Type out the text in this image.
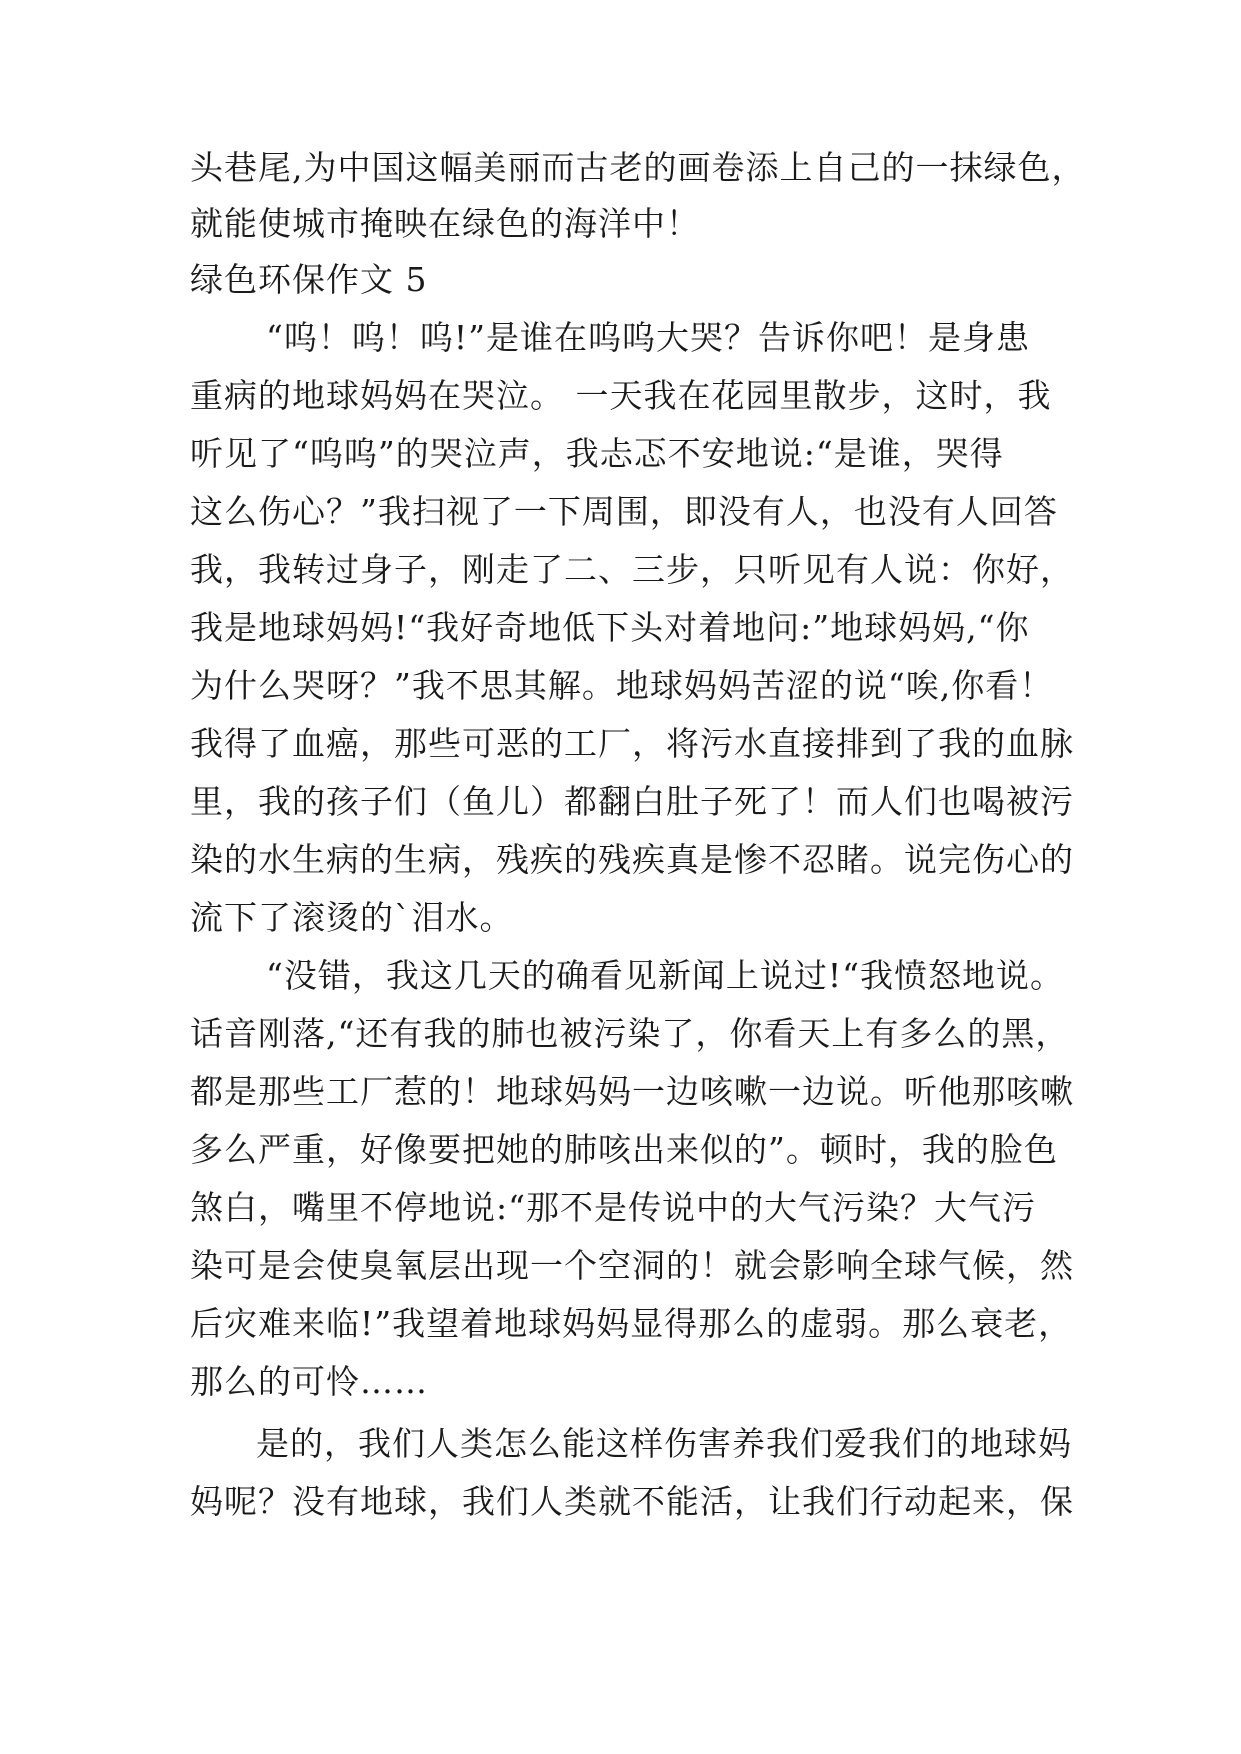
头巷尾,为中国这幅美丽而古老的画卷添上自己的一抹绿色，
就能使城市掩映在绿色的海洋中！
绿色环保作文 5
“呜！呜！呜!”是谁在呜呜大哭？告诉你吧！是身患
重病的地球妈妈在哭泣。 一天我在花园里散步，这时，我
听见了“呜呜”的哭泣声，我忐忑不安地说:“是谁，哭得
这么伤心？”我扫视了一下周围，即没有人，也没有人回答
我，我转过身子，刚走了二、三步，只听见有人说：你好，
我是地球妈妈!“我好奇地低下头对着地问:”地球妈妈,“你
为什么哭呀？”我不思其解。地球妈妈苦涩的说“唉,你看！
我得了血癌，那些可恶的工厂，将污水直接排到了我的血脉
里，我的孩子们（鱼儿）都翻白肚子死了！而人们也喝被污
染的水生病的生病，残疾的残疾真是惨不忍睹。说完伤心的
流下了滚烫的`泪水。
“没错，我这几天的确看见新闻上说过!“我愤怒地说。
话音刚落,“还有我的肺也被污染了，你看天上有多么的黑，
都是那些工厂惹的！地球妈妈一边咳嗽一边说。听他那咳嗽
多么严重，好像要把她的肺咳出来似的”。顿时，我的脸色
煞白，嘴里不停地说:“那不是传说中的大气污染？大气污
染可是会使臭氧层出现一个空洞的！就会影响全球气候，然
后灾难来临!”我望着地球妈妈显得那么的虚弱。那么衰老，
那么的可怜……
是的，我们人类怎么能这样伤害养我们爱我们的地球妈
妈呢？没有地球，我们人类就不能活，让我们行动起来，保
